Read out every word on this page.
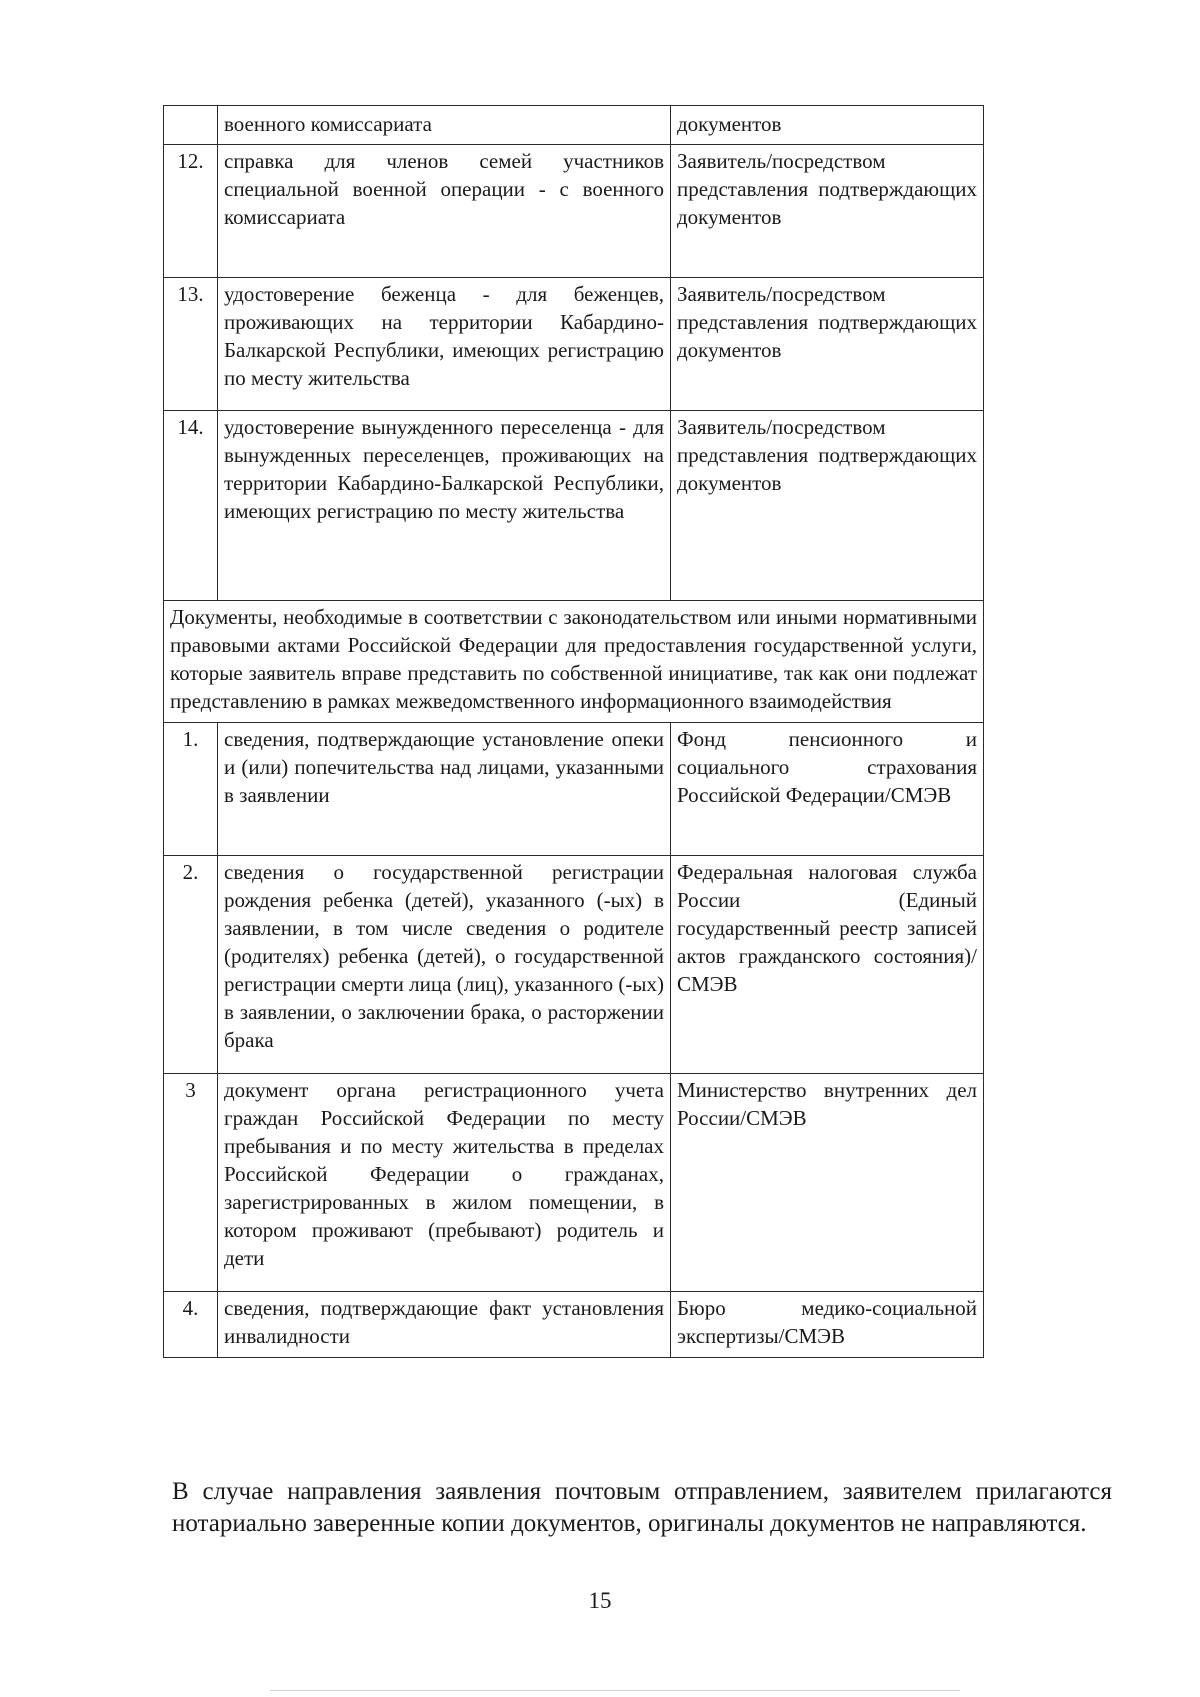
	военного комиссариата	документов
12.	справка для членов семей участников специальной военной операции - с военного комиссариата	Заявитель/посредством представления подтверждающих документов
13.	удостоверение беженца - для беженцев, проживающих на территории Кабардино-Балкарской Республики, имеющих регистрацию по месту жительства	Заявитель/посредством представления подтверждающих документов
14.	удостоверение вынужденного переселенца - для вынужденных переселенцев, проживающих на территории Кабардино-Балкарской Республики, имеющих регистрацию по месту жительства	Заявитель/посредством представления подтверждающих документов
Документы, необходимые в соответствии с законодательством или иными нормативными правовыми актами Российской Федерации для предоставления государственной услуги, которые заявитель вправе представить по собственной инициативе, так как они подлежат представлению в рамках межведомственного информационного взаимодействия		
1.	сведения, подтверждающие установление опеки и (или) попечительства над лицами, указанными в заявлении	Фонд пенсионного и социального страхования Российской Федерации/СМЭВ
2.	сведения о государственной регистрации рождения ребенка (детей), указанного (-ых) в заявлении, в том числе сведения о родителе (родителях) ребенка (детей), о государственной регистрации смерти лица (лиц), указанного (-ых) в заявлении, о заключении брака, о расторжении брака	Федеральная налоговая служба России (Единый государственный реестр записей актов гражданского состояния)/СМЭВ
3	документ органа регистрационного учета граждан Российской Федерации по месту пребывания и по месту жительства в пределах Российской Федерации о гражданах, зарегистрированных в жилом помещении, в котором проживают (пребывают) родитель и дети	Министерство внутренних дел России/СМЭВ
4.	сведения, подтверждающие факт установления инвалидности	Бюро медико-социальной экспертизы/СМЭВ
В случае направления заявления почтовым отправлением, заявителем прилагаются нотариально заверенные копии документов, оригиналы документов не направляются.
15
